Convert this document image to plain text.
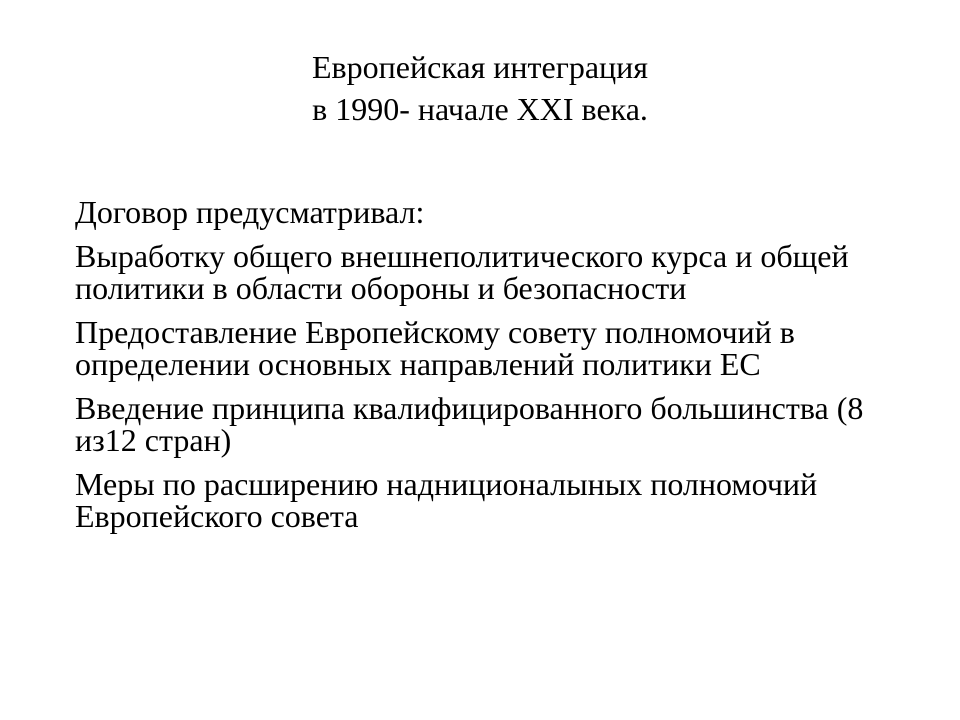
Европейская интеграция
в 1990- начале XXI века.
Договор предусматривал:
Выработку общего внешнеполитического курса и общей политики в области обороны и безопасности
Предоставление Европейскому совету полномочий в определении основных направлений политики ЕС
Введение принципа квалифицированного большинства (8 из12 стран)
Меры по расширению надниционалыных полномочий Европейского совета
